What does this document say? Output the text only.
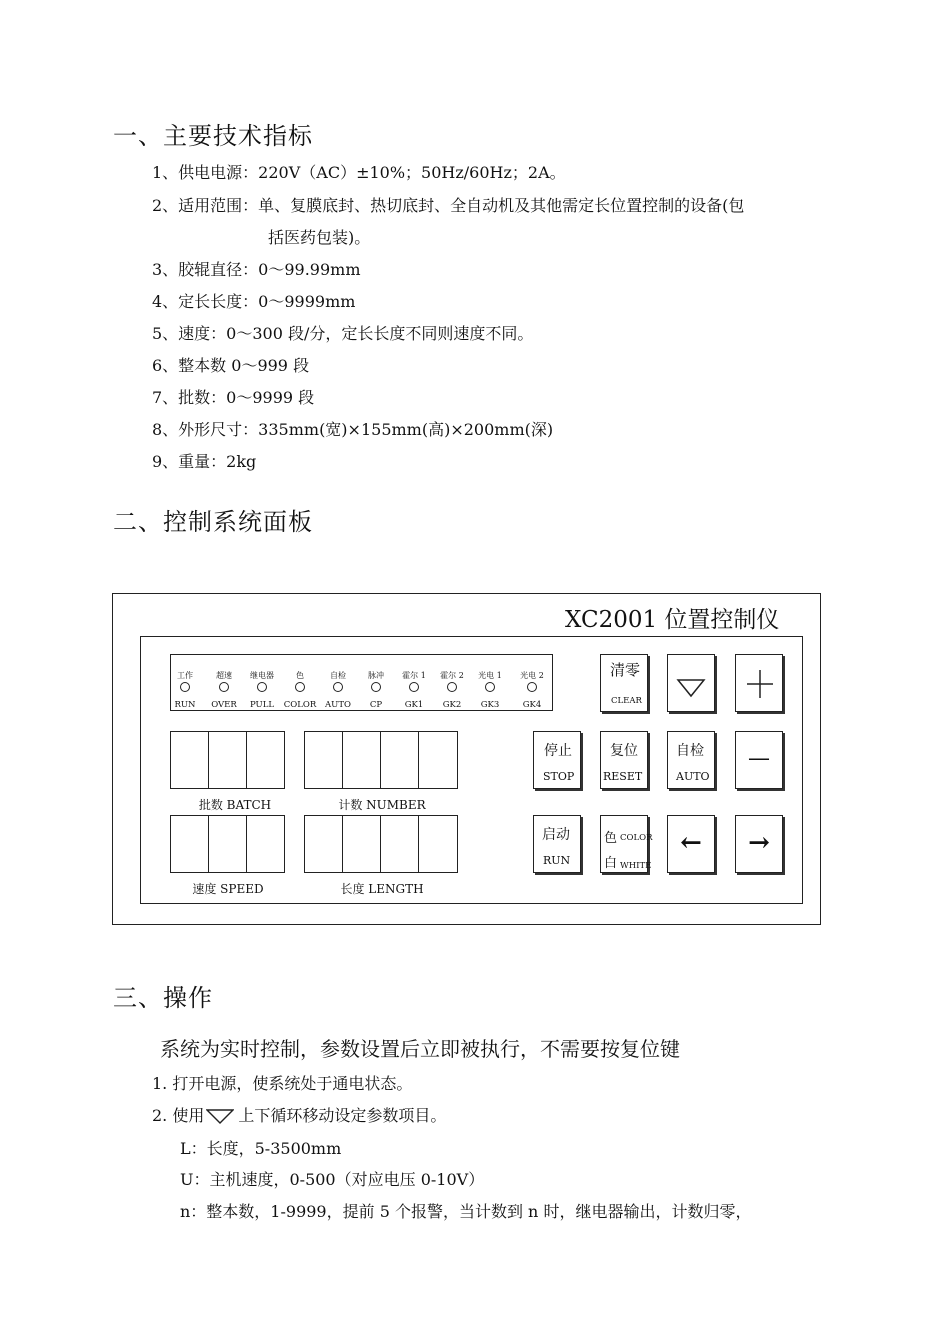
一、主要技术指标
1、供电电源：220V（AC）±10%；50Hz/60Hz；2A。
2、适用范围：单、复膜底封、热切底封、全自动机及其他需定长位置控制的设备(包
括医药包装)。
3、胶辊直径：0～99.99mm
4、定长长度：0～9999mm
5、速度：0～300 段/分，定长长度不同则速度不同。
6、整本数 0～999 段
7、批数：0～9999 段
8、外形尺寸：335mm(宽)×155mm(高)×200mm(深)
9、重量：2kg
二、控制系统面板
XC2001 位置控制仪
工作
RUN
超速
OVER
继电器
PULL
色
COLOR
自检
AUTO
脉冲
CP
霍尔 1
GK1
霍尔 2
GK2
光电 1
GK3
光电 2
GK4
批数 BATCH	计数 NUMBER
速度 SPEED	长度 LENGTH
清零
CLEAR
停止
STOP
复位
RESET
自检
AUTO
—
启动
RUN
色 COLOR
白 WHITE
←	→
三、操作
系统为实时控制，参数设置后立即被执行，不需要按复位键
1. 打开电源，使系统处于通电状态。
2. 使用 上下循环移动设定参数项目。
L：长度，5-3500mm
U：主机速度，0-500（对应电压 0-10V）
n：整本数，1-9999，提前 5 个报警，当计数到 n 时，继电器输出，计数归零，
